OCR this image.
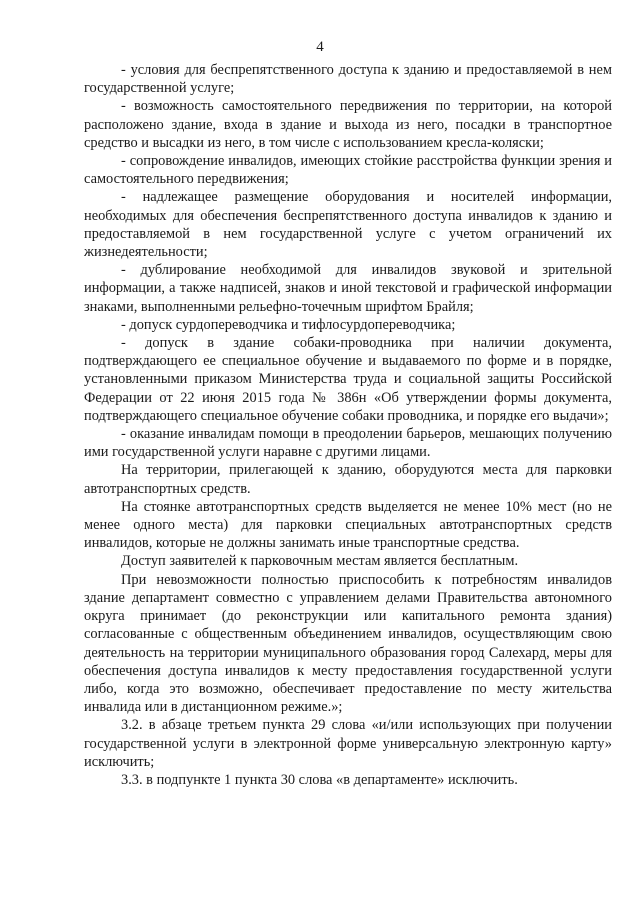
4

- условия для беспрепятственного доступа к зданию и предоставляемой в нем государственной услуге;

- возможность самостоятельного передвижения по территории, на которой расположено здание, входа в здание и выхода из него, посадки в транспортное средство и высадки из него, в том числе с использованием кресла-коляски;

- сопровождение инвалидов, имеющих стойкие расстройства функции зрения и самостоятельного передвижения;

- надлежащее размещение оборудования и носителей информации, необходимых для обеспечения беспрепятственного доступа инвалидов к зданию и предоставляемой в нем государственной услуге с учетом ограничений их жизнедеятельности;

- дублирование необходимой для инвалидов звуковой и зрительной информации, а также надписей, знаков и иной текстовой и графической информации знаками, выполненными рельефно-точечным шрифтом Брайля;

- допуск сурдопереводчика и тифлосурдопереводчика;

- допуск в здание собаки-проводника при наличии документа, подтверждающего ее специальное обучение и выдаваемого по форме и в порядке, установленными приказом Министерства труда и социальной защиты Российской Федерации от 22 июня 2015 года № 386н «Об утверждении формы документа, подтверждающего специальное обучение собаки проводника, и порядке его выдачи»;

- оказание инвалидам помощи в преодолении барьеров, мешающих получению ими государственной услуги наравне с другими лицами.

На территории, прилегающей к зданию, оборудуются места для парковки автотранспортных средств.

На стоянке автотранспортных средств выделяется не менее 10% мест (но не менее одного места) для парковки специальных автотранспортных средств инвалидов, которые не должны занимать иные транспортные средства.

Доступ заявителей к парковочным местам является бесплатным.

При невозможности полностью приспособить к потребностям инвалидов здание департамент совместно с управлением делами Правительства автономного округа принимает (до реконструкции или капитального ремонта здания) согласованные с общественным объединением инвалидов, осуществляющим свою деятельность на территории муниципального образования город Салехард, меры для обеспечения доступа инвалидов к месту предоставления государственной услуги либо, когда это возможно, обеспечивает предоставление по месту жительства инвалида или в дистанционном режиме.»;

3.2. в абзаце третьем пункта 29 слова «и/или использующих при получении государственной услуги в электронной форме универсальную электронную карту» исключить;

3.3. в подпункте 1 пункта 30 слова «в департаменте» исключить.
